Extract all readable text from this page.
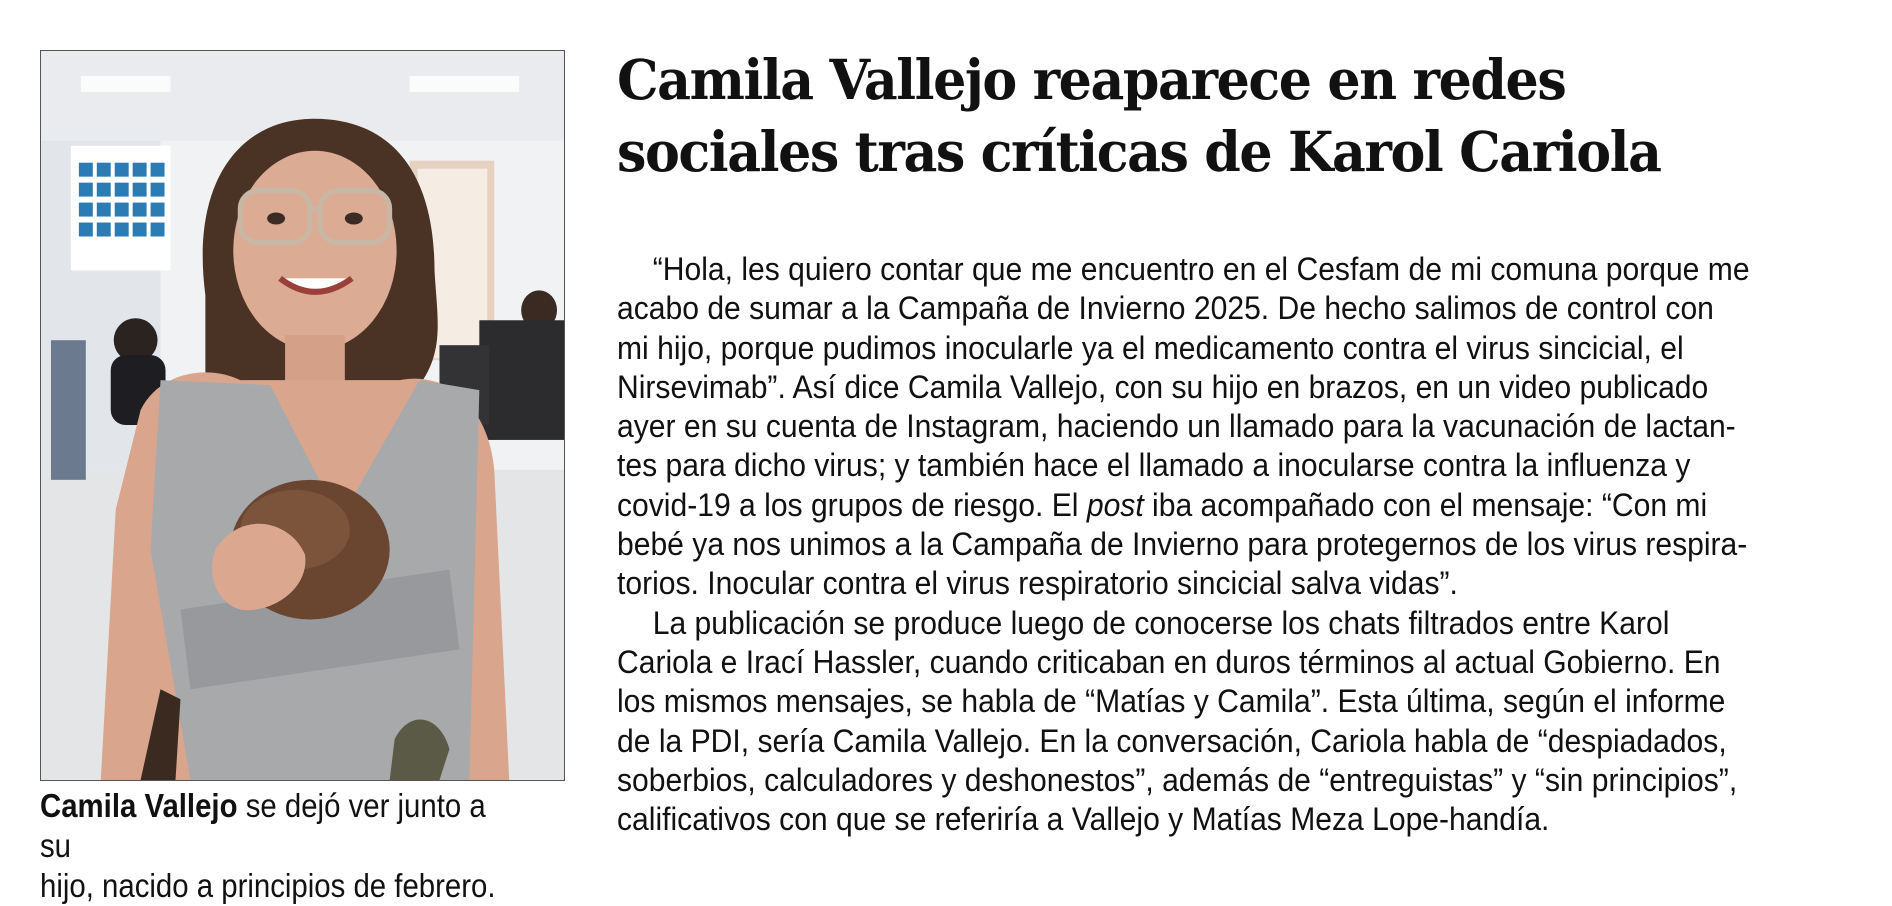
Camila Vallejo se dejó ver junto a su
hijo, nacido a principios de febrero.
Camila Vallejo reaparece en redes
sociales tras críticas de Karol Cariola
“Hola, les quiero contar que me encuentro en el Cesfam de mi comuna porque me
acabo de sumar a la Campaña de Invierno 2025. De hecho salimos de control con
mi hijo, porque pudimos inocularle ya el medicamento contra el virus sincicial, el
Nirsevimab”. Así dice Camila Vallejo, con su hijo en brazos, en un video publicado
ayer en su cuenta de Instagram, haciendo un llamado para la vacunación de lactan-
tes para dicho virus; y también hace el llamado a inocularse contra la influenza y
covid-19 a los grupos de riesgo. El post iba acompañado con el mensaje: “Con mi
bebé ya nos unimos a la Campaña de Invierno para protegernos de los virus respira-
torios. Inocular contra el virus respiratorio sincicial salva vidas”.
La publicación se produce luego de conocerse los chats filtrados entre Karol
Cariola e Irací Hassler, cuando criticaban en duros términos al actual Gobierno. En
los mismos mensajes, se habla de “Matías y Camila”. Esta última, según el informe
de la PDI, sería Camila Vallejo. En la conversación, Cariola habla de “despiadados,
soberbios, calculadores y deshonestos”, además de “entreguistas” y “sin principios”,
calificativos con que se referiría a Vallejo y Matías Meza Lope-handía.
